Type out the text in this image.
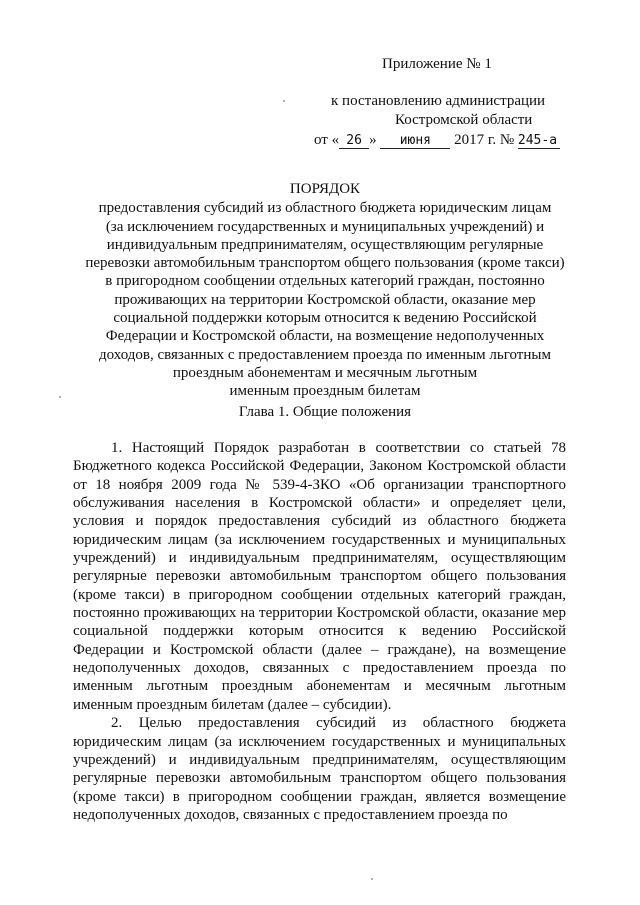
Приложение № 1
к постановлению администрации
Костромской области
от « 26 » июня 2017 г. № 245-а
ПОРЯДОК
предоставления субсидий из областного бюджета юридическим лицам
(за исключением государственных и муниципальных учреждений) и
индивидуальным предпринимателям, осуществляющим регулярные
перевозки автомобильным транспортом общего пользования (кроме такси)
в пригородном сообщении отдельных категорий граждан, постоянно
проживающих на территории Костромской области, оказание мер
социальной поддержки которым относится к ведению Российской
Федерации и Костромской области, на возмещение недополученных
доходов, связанных с предоставлением проезда по именным льготным
проездным абонементам и месячным льготным
именным проездным билетам
Глава 1. Общие положения

1. Настоящий Порядок разработан в соответствии со статьей 78 Бюджетного кодекса Российской Федерации, Законом Костромской области от 18 ноября 2009 года № 539-4-ЗКО «Об организации транспортного обслуживания населения в Костромской области» и определяет цели, условия и порядок предоставления субсидий из областного бюджета юридическим лицам (за исключением государственных и муниципальных учреждений) и индивидуальным предпринимателям, осуществляющим регулярные перевозки автомобильным транспортом общего пользования (кроме такси) в пригородном сообщении отдельных категорий граждан, постоянно проживающих на территории Костромской области, оказание мер социальной поддержки которым относится к ведению Российской Федерации и Костромской области (далее – граждане), на возмещение недополученных доходов, связанных с предоставлением проезда по именным льготным проездным абонементам и месячным льготным именным проездным билетам (далее – субсидии).

2. Целью предоставления субсидий из областного бюджета юридическим лицам (за исключением государственных и муниципальных учреждений) и индивидуальным предпринимателям, осуществляющим регулярные перевозки автомобильным транспортом общего пользования (кроме такси) в пригородном сообщении граждан, является возмещение недополученных доходов, связанных с предоставлением проезда по
